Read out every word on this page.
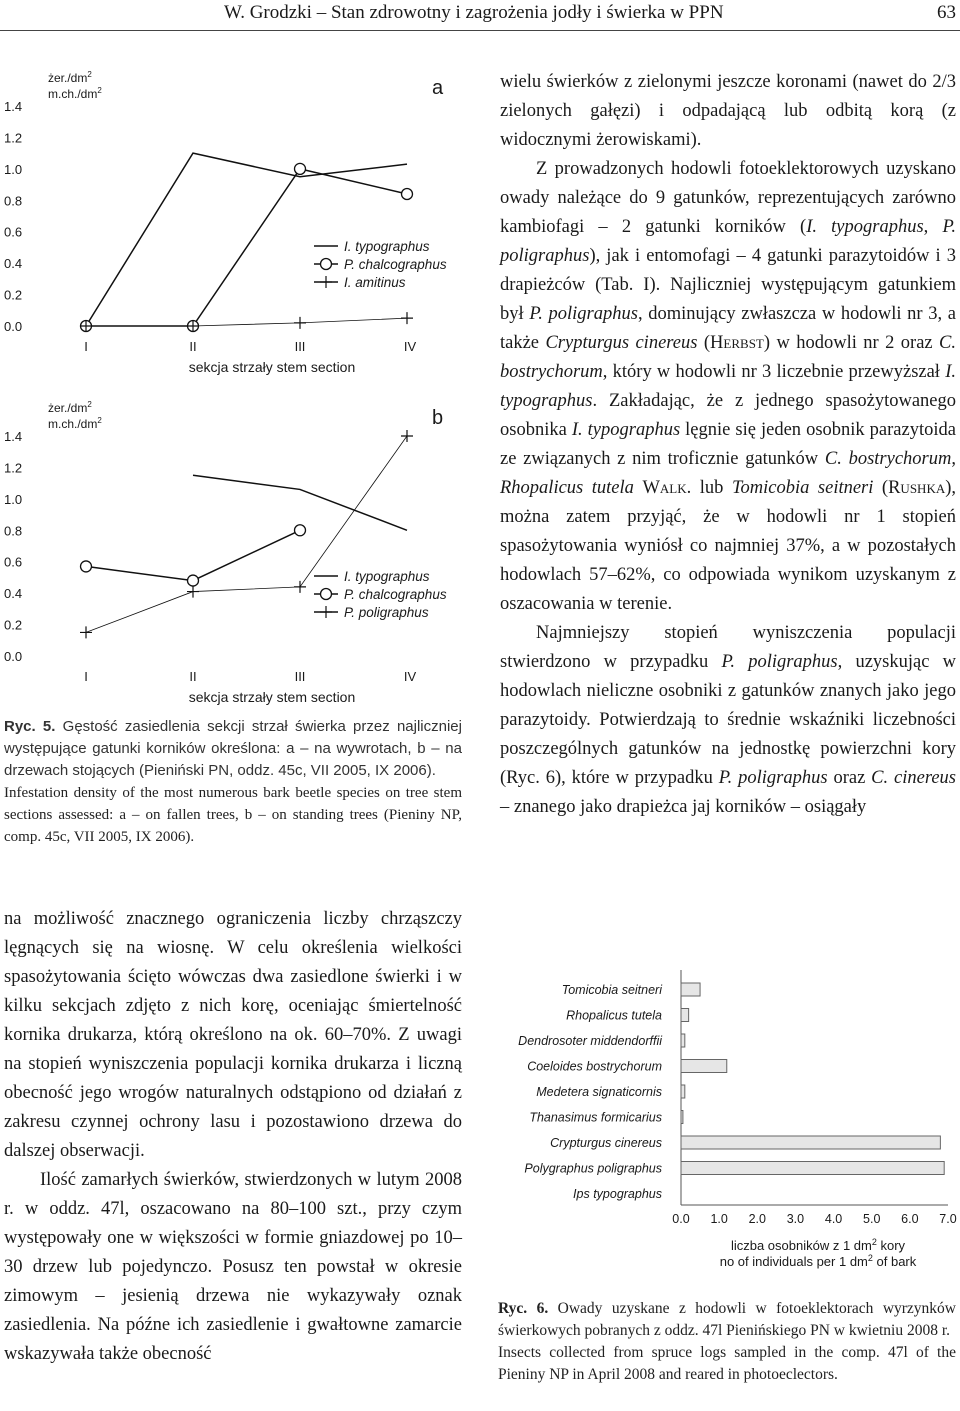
W. Grodzki – Stan zdrowotny i zagrożenia jodły i świerka w PPN	63
$żer./dm^2$
$m.ch./dm^2$	a
1.4
1.2
1.0
0.8
0.6
0.4
0.2
0.0
I	II	III	IV
sekcja strzały stem section
I. typographus
P. chalcographus
I. amitinus
$żer./dm^2$
$m.ch./dm^2$	b
1.4
1.2
1.0
0.8
0.6
0.4
0.2
0.0
I	II	III	IV
sekcja strzały stem section
I. typographus
P. chalcographus
P. poligraphus
Ryc. 5. Gęstość zasiedlenia sekcji strzał świerka przez najliczniej występujące gatunki korników określona: a – na wywrotach, b – na drzewach stojących (Pieniński PN, oddz. 45c, VII 2005, IX 2006).
Infestation density of the most numerous bark beetle species on tree stem sections assessed: a – on fallen trees, b – on standing trees (Pieniny NP, comp. 45c, VII 2005, IX 2006).

na możliwość znacznego ograniczenia liczby chrząszczy lęgnących się na wiosnę. W celu określenia wielkości spasożytowania ścięto wówczas dwa zasiedlone świerki i w kilku sekcjach zdjęto z nich korę, oceniając śmiertelność kornika drukarza, którą określono na ok. 60–70%. Z uwagi na stopień wyniszczenia populacji kornika drukarza i liczną obecność jego wrogów naturalnych odstąpiono od działań z zakresu czynnej ochrony lasu i pozostawiono drzewa do dalszej obserwacji.

Ilość zamarłych świerków, stwierdzonych w lutym 2008 r. w oddz. 47l, oszacowano na 80–100 szt., przy czym występowały one w większości w formie gniazdowej po 10–30 drzew lub pojedynczo. Posusz ten powstał w okresie zimowym – jesienią drzewa nie wykazywały oznak zasiedlenia. Na późne ich zasiedlenie i gwałtowne zamarcie wskazywała także obecność

wielu świerków z zielonymi jeszcze koronami (nawet do 2/3 zielonych gałęzi) i odpadającą lub odbitą korą (z widocznymi żerowiskami).

Z prowadzonych hodowli fotoeklektorowych uzyskano owady należące do 9 gatunków, reprezentujących zarówno kambiofagi – 2 gatunki korników (I. typographus, P. poligraphus), jak i entomofagi – 4 gatunki parazytoidów i 3 drapieżców (Tab. I). Najliczniej występującym gatunkiem był P. poligraphus, dominujący zwłaszcza w hodowli nr 3, a także Crypturgus cinereus (Herbst) w hodowli nr 2 oraz C. bostrychorum, który w hodowli nr 3 liczebnie przewyższał I. typographus. Zakładając, że z jednego spasożytowanego osobnika I. typographus lęgnie się jeden osobnik parazytoida ze związanych z nim troficznie gatunków C. bostrychorum, Rhopalicus tutela Walk. lub Tomicobia seitneri (Rushka), można zatem przyjąć, że w hodowli nr 1 stopień spasożytowania wyniósł co najmniej 37%, a w pozostałych hodowlach 57–62%, co odpowiada wynikom uzyskanym z oszacowania w terenie.

Najmniejszy stopień wyniszczenia populacji stwierdzono w przypadku P. poligraphus, uzyskując w hodowlach nieliczne osobniki z gatunków znanych jako jego parazytoidy. Potwierdzają to średnie wskaźniki liczebności poszczególnych gatunków na jednostkę powierzchni kory (Ryc. 6), które w przypadku P. poligraphus oraz C. cinereus – znanego jako drapieżca jaj korników – osiągały

Tomicobia seitneri
Rhopalicus tutela
Dendrosoter middendorffii
Coeloides bostrychorum
Medetera signaticornis
Thanasimus formicarius
Crypturgus cinereus
Polygraphus poligraphus
Ips typographus
0.0 1.0 2.0 3.0 4.0 5.0 6.0 7.0
liczba osobników z 1 $dm^2$ kory
no of individuals per 1 $dm^2$ of bark
Ryc. 6. Owady uzyskane z hodowli w fotoeklektorach wyrzynków świerkowych pobranych z oddz. 47l Pienińskiego PN w kwietniu 2008 r.
Insects collected from spruce logs sampled in the comp. 47l of the Pieniny NP in April 2008 and reared in photoeclectors.
